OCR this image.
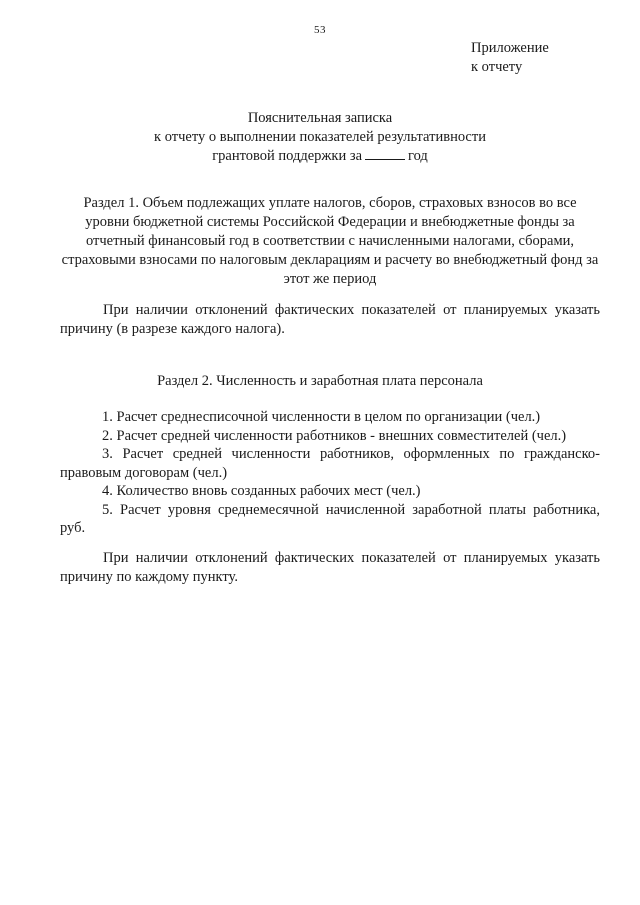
53
Приложение
к отчету
Пояснительная записка
к отчету о выполнении показателей результативности
грантовой поддержки за	год
Раздел 1. Объем подлежащих уплате налогов, сборов, страховых взносов во все уровни бюджетной системы Российской Федерации и внебюджетные фонды за отчетный финансовый год в соответствии с начисленными налогами, сборами, страховыми взносами по налоговым декларациям и расчету во внебюджетный фонд за этот же период
При наличии отклонений фактических показателей от планируемых указать причину (в разрезе каждого налога).
Раздел 2. Численность и заработная плата персонала
1. Расчет среднесписочной численности в целом по организации (чел.)
2. Расчет средней численности работников - внешних совместителей (чел.)
3. Расчет средней численности работников, оформленных по гражданско-правовым договорам (чел.)
4. Количество вновь созданных рабочих мест (чел.)
5. Расчет уровня среднемесячной начисленной заработной платы работника, руб.
При наличии отклонений фактических показателей от планируемых указать причину по каждому пункту.
